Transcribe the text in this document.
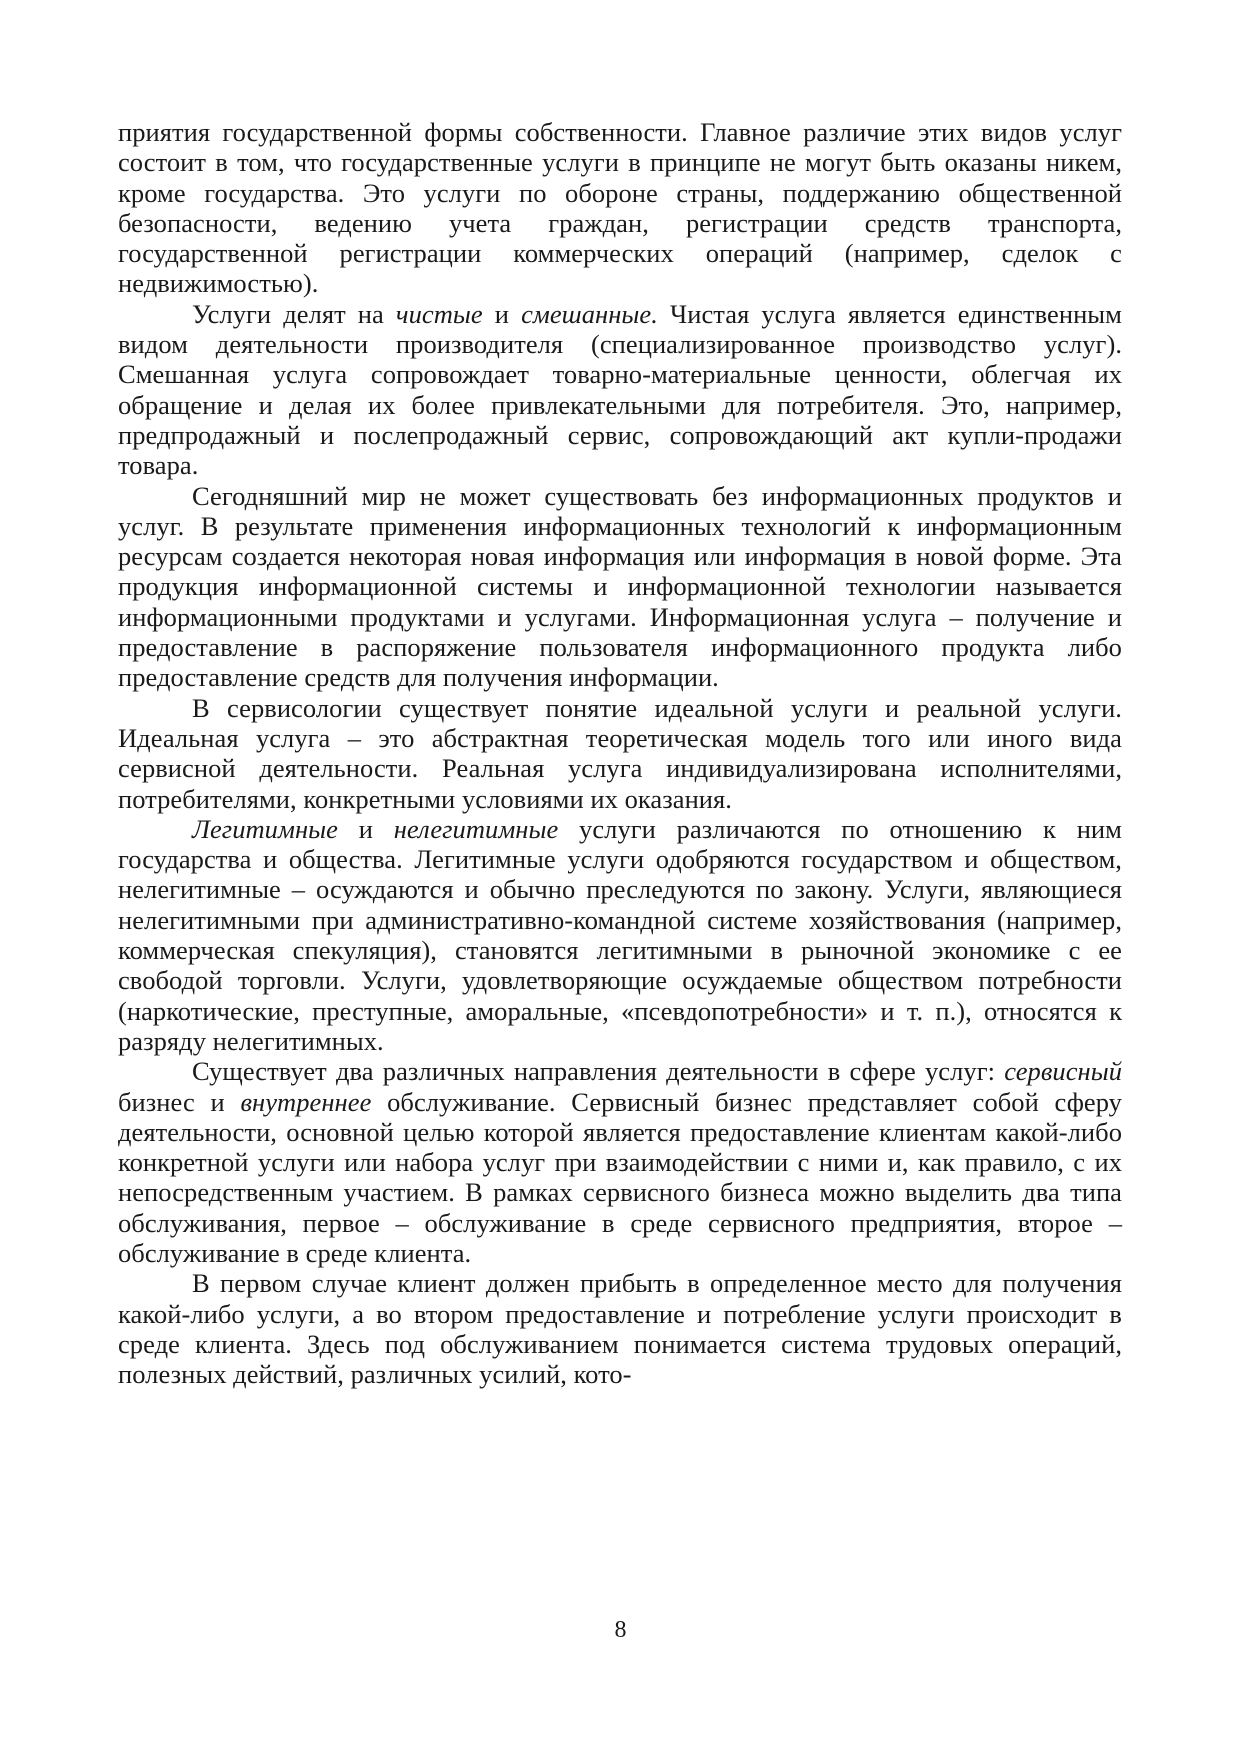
приятия государственной формы собственности. Главное различие этих видов услуг состоит в том, что государственные услуги в принципе не могут быть оказаны никем, кроме государства. Это услуги по обороне страны, поддержанию общественной безопасности, ведению учета граждан, регистрации средств транспорта, государственной регистрации коммерческих операций (например, сделок с недвижимостью).

Услуги делят на чистые и смешанные. Чистая услуга является единственным видом деятельности производителя (специализированное производство услуг). Смешанная услуга сопровождает товарно-материальные ценности, облегчая их обращение и делая их более привлекательными для потребителя. Это, например, предпродажный и послепродажный сервис, сопровождающий акт купли-продажи товара.

Сегодняшний мир не может существовать без информационных продуктов и услуг. В результате применения информационных технологий к информационным ресурсам создается некоторая новая информация или информация в новой форме. Эта продукция информационной системы и информационной технологии называется информационными продуктами и услугами. Информационная услуга – получение и предоставление в распоряжение пользователя информационного продукта либо предоставление средств для получения информации.

В сервисологии существует понятие идеальной услуги и реальной услуги. Идеальная услуга – это абстрактная теоретическая модель того или иного вида сервисной деятельности. Реальная услуга индивидуализирована исполнителями, потребителями, конкретными условиями их оказания.

Легитимные и нелегитимные услуги различаются по отношению к ним государства и общества. Легитимные услуги одобряются государством и обществом, нелегитимные – осуждаются и обычно преследуются по закону. Услуги, являющиеся нелегитимными при административно-командной системе хозяйствования (например, коммерческая спекуляция), становятся легитимными в рыночной экономике с ее свободой торговли. Услуги, удовлетворяющие осуждаемые обществом потребности (наркотические, преступные, аморальные, «псевдопотребности» и т. п.), относятся к разряду нелегитимных.

Существует два различных направления деятельности в сфере услуг: сервисный бизнес и внутреннее обслуживание. Сервисный бизнес представляет собой сферу деятельности, основной целью которой является предоставление клиентам какой-либо конкретной услуги или набора услуг при взаимодействии с ними и, как правило, с их непосредственным участием. В рамках сервисного бизнеса можно выделить два типа обслуживания, первое – обслуживание в среде сервисного предприятия, второе – обслуживание в среде клиента.

В первом случае клиент должен прибыть в определенное место для получения какой-либо услуги, а во втором предоставление и потребление услуги происходит в среде клиента. Здесь под обслуживанием понимается система трудовых операций, полезных действий, различных усилий, кото-

8
